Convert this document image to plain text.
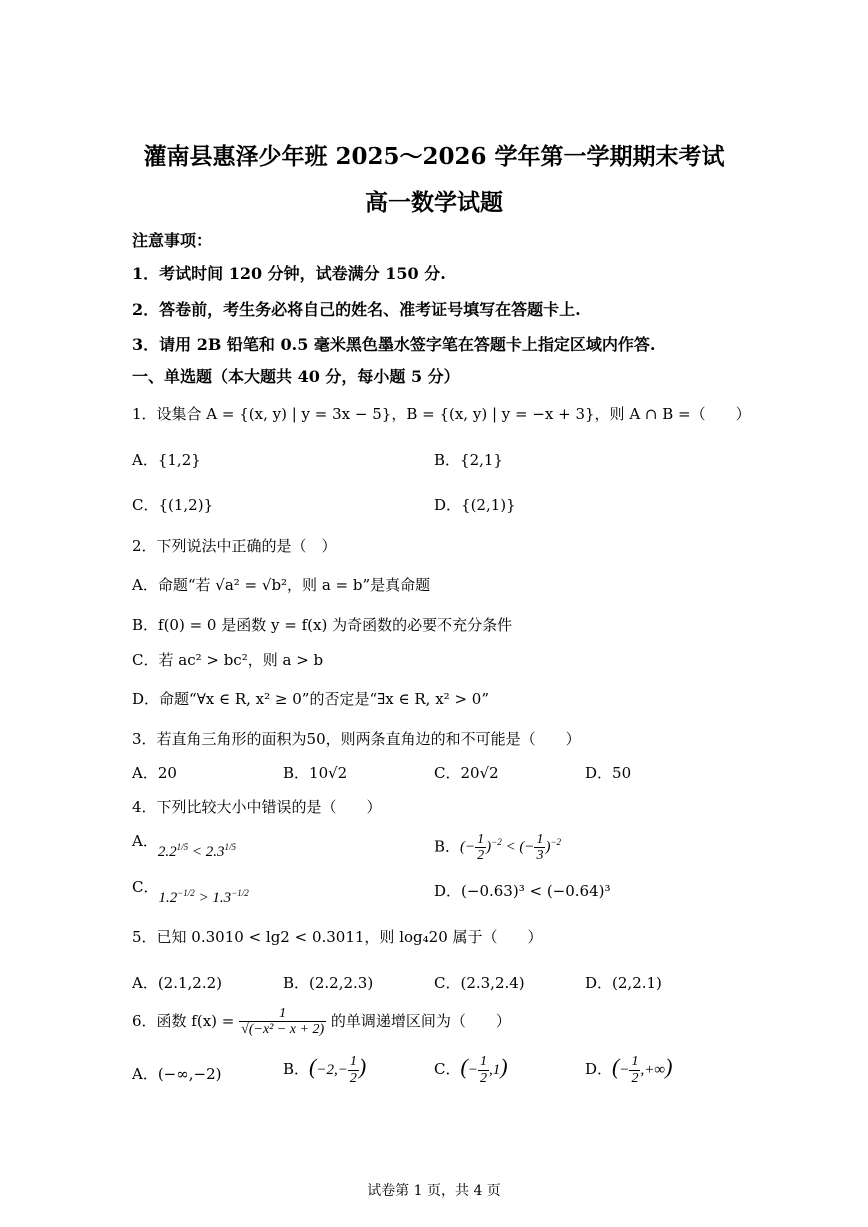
灌南县惠泽少年班 2025～2026 学年第一学期期末考试
高一数学试题
注意事项：
1．考试时间 120 分钟，试卷满分 150 分.
2．答卷前，考生务必将自己的姓名、准考证号填写在答题卡上.
3．请用 2B 铅笔和 0.5 毫米黑色墨水签字笔在答题卡上指定区域内作答.
一、单选题（本大题共 40 分，每小题 5 分）
1．设集合 A = {(x, y) | y = 3x − 5}，B = {(x, y) | y = −x + 3}，则 A ∩ B =（　　）
A．{1,2}	B．{2,1}
C．{(1,2)}	D．{(2,1)}
2．下列说法中正确的是（　）
A．命题“若 √a² = √b²，则 a = b”是真命题
B．f(0) = 0 是函数 y = f(x) 为奇函数的必要不充分条件
C．若 ac² > bc²，则 a > b
D．命题“∀x ∈ R, x² ≥ 0”的否定是“∃x ∈ R, x² > 0”
3．若直角三角形的面积为50，则两条直角边的和不可能是（　　）
A．20	B．10√2	C．20√2	D．50
4．下列比较大小中错误的是（　　）
A．$2.2^{1/5} < 2.3^{1/5}$	B．(− $\frac{1}{2} )^{-2}$ < (− $\frac{1}{3} )^{-2}$
C．$1.2^{-1/2} > 1.3^{-1/2}$	D．(−0.63)³ < (−0.64)³
5．已知 0.3010 < lg2 < 0.3011，则 log₄20 属于（　　）
A．(2.1,2.2)	B．(2.2,2.3)	C．(2.3,2.4)	D．(2,2.1)
6．函数 $f(x) = \frac{1}{\text{√(−x² − x + 2)}}$ 的单调递增区间为（　　）
A．(−∞,−2)	B．($-2,- \frac{1}{2}$ )	C．(− $\frac{1}{2} ,1$)	D．(− $\frac{1}{2}$ ,+∞)
试卷第 1 页，共 4 页
